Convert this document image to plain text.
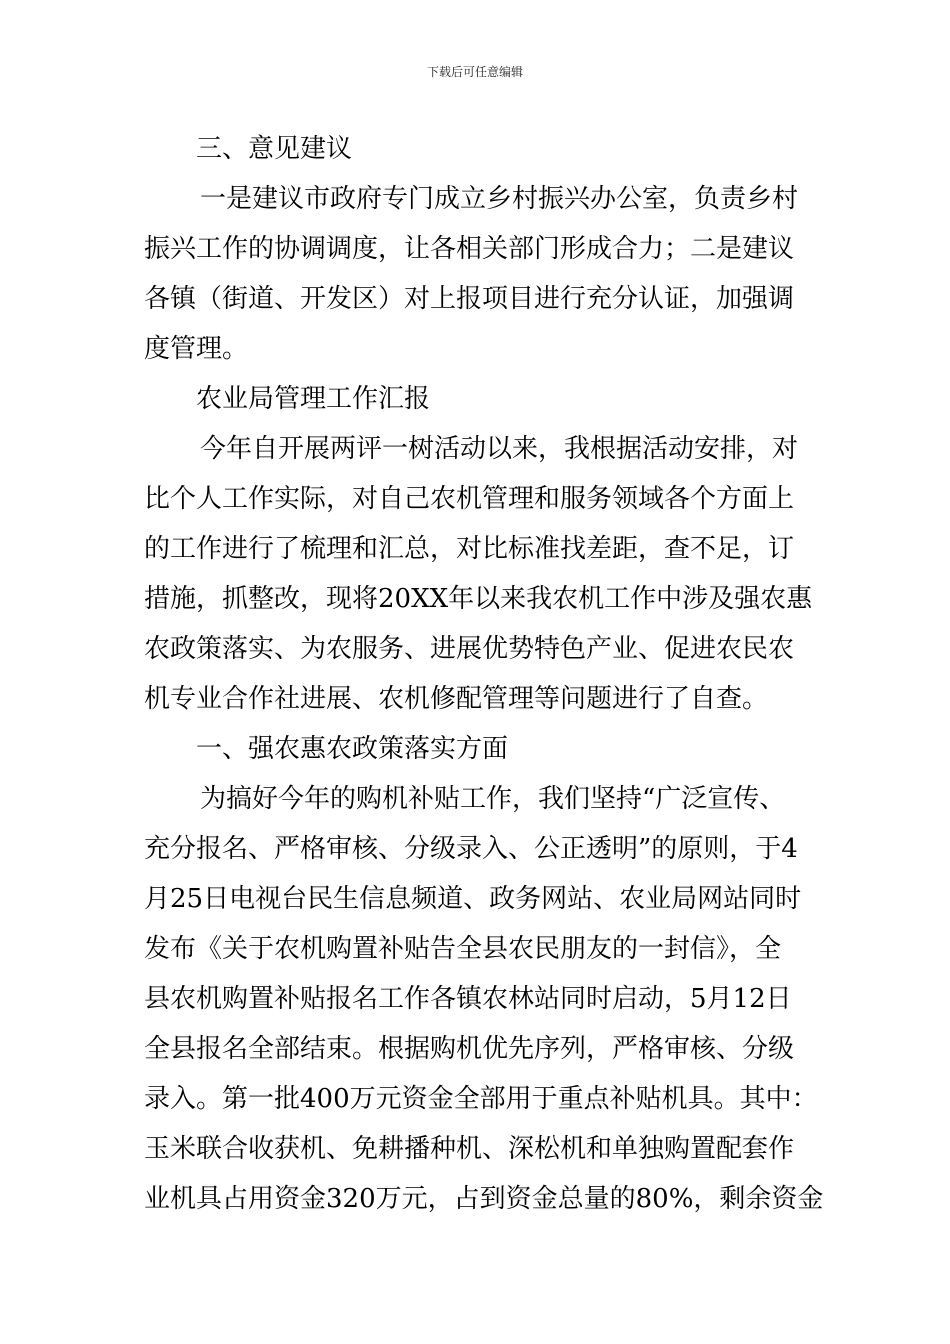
下载后可任意编辑

三、意见建议

一是建议市政府专门成立乡村振兴办公室，负责乡村
振兴工作的协调调度，让各相关部门形成合力；二是建议
各镇（街道、开发区）对上报项目进行充分认证，加强调
度管理。

农业局管理工作汇报

今年自开展两评一树活动以来，我根据活动安排，对
比个人工作实际，对自己农机管理和服务领域各个方面上
的工作进行了梳理和汇总，对比标准找差距，查不足，订
措施，抓整改，现将20XX年以来我农机工作中涉及强农惠
农政策落实、为农服务、进展优势特色产业、促进农民农
机专业合作社进展、农机修配管理等问题进行了自查。

一、强农惠农政策落实方面

为搞好今年的购机补贴工作，我们坚持“广泛宣传、
充分报名、严格审核、分级录入、公正透明”的原则，于4
月25日电视台民生信息频道、政务网站、农业局网站同时
发布《关于农机购置补贴告全县农民朋友的一封信》，全
县农机购置补贴报名工作各镇农林站同时启动，5月12日
全县报名全部结束。根据购机优先序列，严格审核、分级
录入。第一批400万元资金全部用于重点补贴机具。其中：
玉米联合收获机、免耕播种机、深松机和单独购置配套作
业机具占用资金320万元，占到资金总量的80%，剩余资金
